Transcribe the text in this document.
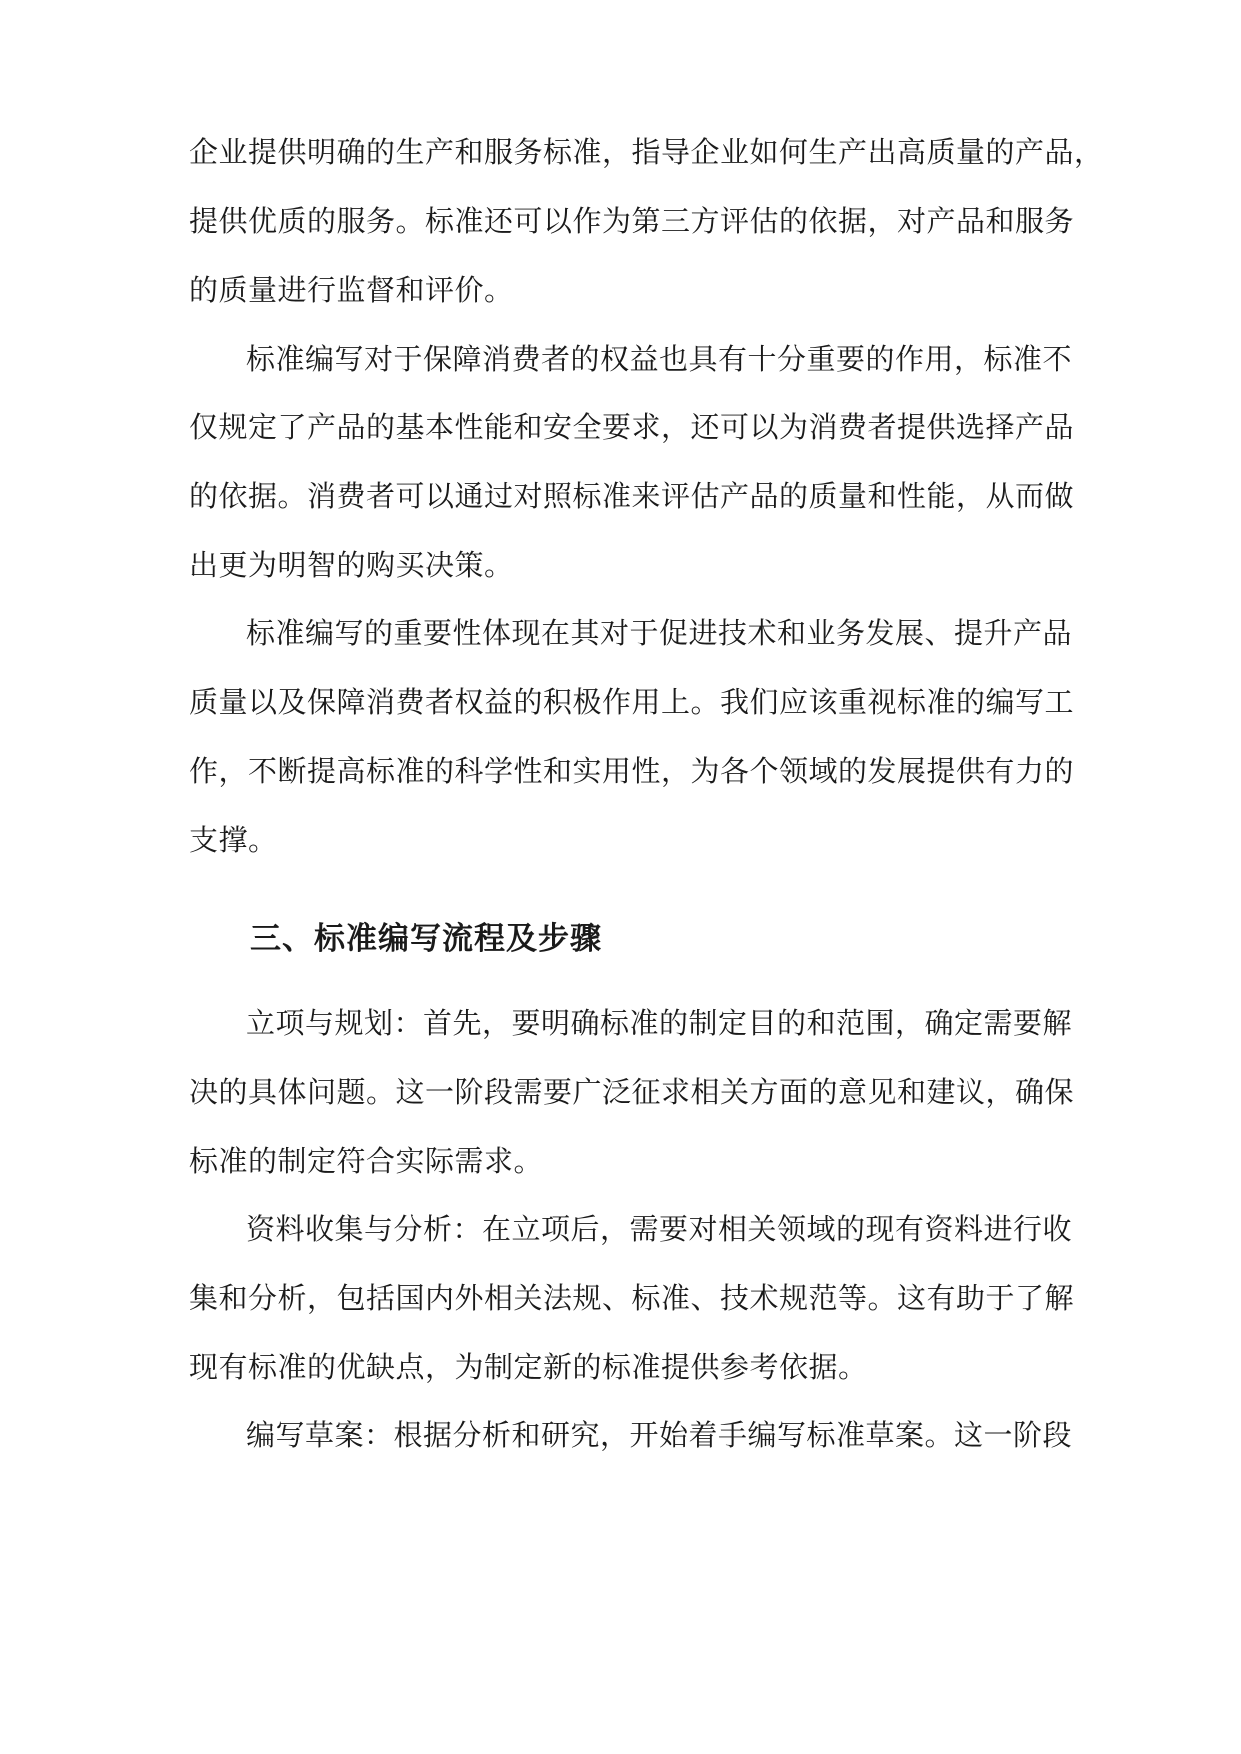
企业提供明确的生产和服务标准，指导企业如何生产出高质量的产品，
提供优质的服务。标准还可以作为第三方评估的依据，对产品和服务
的质量进行监督和评价。
标准编写对于保障消费者的权益也具有十分重要的作用，标准不
仅规定了产品的基本性能和安全要求，还可以为消费者提供选择产品
的依据。消费者可以通过对照标准来评估产品的质量和性能，从而做
出更为明智的购买决策。
标准编写的重要性体现在其对于促进技术和业务发展、提升产品
质量以及保障消费者权益的积极作用上。我们应该重视标准的编写工
作，不断提高标准的科学性和实用性，为各个领域的发展提供有力的
支撑。
三、标准编写流程及步骤
立项与规划：首先，要明确标准的制定目的和范围，确定需要解
决的具体问题。这一阶段需要广泛征求相关方面的意见和建议，确保
标准的制定符合实际需求。
资料收集与分析：在立项后，需要对相关领域的现有资料进行收
集和分析，包括国内外相关法规、标准、技术规范等。这有助于了解
现有标准的优缺点，为制定新的标准提供参考依据。
编写草案：根据分析和研究，开始着手编写标准草案。这一阶段
